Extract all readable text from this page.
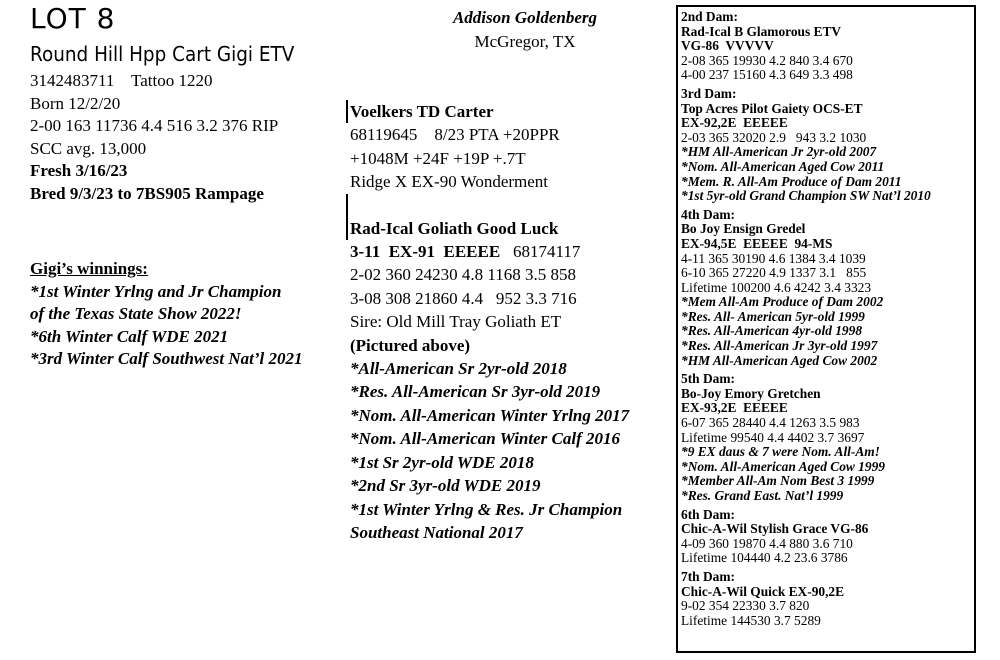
LOT 8
Round Hill Hpp Cart Gigi ETV
3142483711    Tattoo 1220
Born 12/2/20
2-00 163 11736 4.4 516 3.2 376 RIP
SCC avg. 13,000
Fresh 3/16/23
Bred 9/3/23 to 7BS905 Rampage
Gigi’s winnings:
*1st Winter Yrlng and Jr Champion
of the Texas State Show 2022!
*6th Winter Calf WDE 2021
*3rd Winter Calf Southwest Nat’l 2021
Addison Goldenberg
McGregor, TX
Voelkers TD Carter
68119645    8/23 PTA +20PPR
+1048M +24F +19P +.7T
Ridge X EX-90 Wonderment
Rad-Ical Goliath Good Luck
3-11  EX-91  EEEEE 68174117
2-02 360 24230 4.8 1168 3.5 858
3-08 308 21860 4.4   952 3.3 716
Sire: Old Mill Tray Goliath ET
(Pictured above)
*All-American Sr 2yr-old 2018
*Res. All-American Sr 3yr-old 2019
*Nom. All-American Winter Yrlng 2017
*Nom. All-American Winter Calf 2016
*1st Sr 2yr-old WDE 2018
*2nd Sr 3yr-old WDE 2019
*1st Winter Yrlng & Res. Jr Champion
Southeast National 2017
2nd Dam:
Rad-Ical B Glamorous ETV
VG-86  VVVVV
2-08 365 19930 4.2 840 3.4 670
4-00 237 15160 4.3 649 3.3 498
3rd Dam:
Top Acres Pilot Gaiety OCS-ET
EX-92,2E  EEEEE
2-03 365 32020 2.9   943 3.2 1030
*HM All-American Jr 2yr-old 2007
*Nom. All-American Aged Cow 2011
*Mem. R. All-Am Produce of Dam 2011
*1st 5yr-old Grand Champion SW Nat’l 2010
4th Dam:
Bo Joy Ensign Gredel
EX-94,5E  EEEEE  94-MS
4-11 365 30190 4.6 1384 3.4 1039
6-10 365 27220 4.9 1337 3.1   855
Lifetime 100200 4.6 4242 3.4 3323
*Mem All-Am Produce of Dam 2002
*Res. All- American 5yr-old 1999
*Res. All-American 4yr-old 1998
*Res. All-American Jr 3yr-old 1997
*HM All-American Aged Cow 2002
5th Dam:
Bo-Joy Emory Gretchen
EX-93,2E  EEEEE
6-07 365 28440 4.4 1263 3.5 983
Lifetime 99540 4.4 4402 3.7 3697
*9 EX daus & 7 were Nom. All-Am!
*Nom. All-American Aged Cow 1999
*Member All-Am Nom Best 3 1999
*Res. Grand East. Nat’l 1999
6th Dam:
Chic-A-Wil Stylish Grace VG-86
4-09 360 19870 4.4 880 3.6 710
Lifetime 104440 4.2 23.6 3786
7th Dam:
Chic-A-Wil Quick EX-90,2E
9-02 354 22330 3.7 820
Lifetime 144530 3.7 5289
